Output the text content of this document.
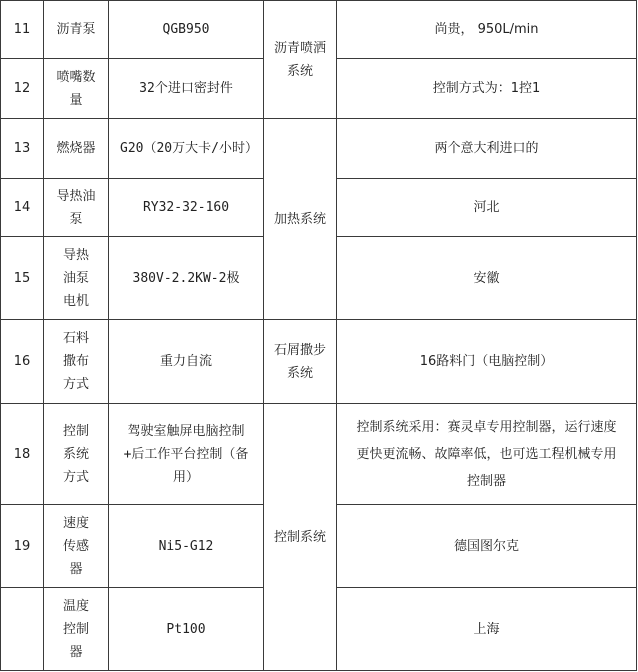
11	沥青泵	QGB950	沥青喷洒系统	尚贵， 950L/min
12	喷嘴数量	32个进口密封件		控制方式为：1控1
13	燃烧器	G20（20万大卡/小时）	加热系统	两个意大利进口的
14	导热油泵	RY32-32-160		河北
15	导热油泵电机	380V-2.2KW-2极		安徽
16	石料撒布方式	重力自流	石屑撒步系统	16路料门（电脑控制）
18	控制系统方式	驾驶室触屏电脑控制+后工作平台控制（备用）	控制系统	控制系统采用：赛灵卓专用控制器，运行速度更快更流畅、故障率低，也可选工程机械专用控制器

19	速度传感器	Ni5-G12		德国图尔克

	温度控制器	Pt100		上海
